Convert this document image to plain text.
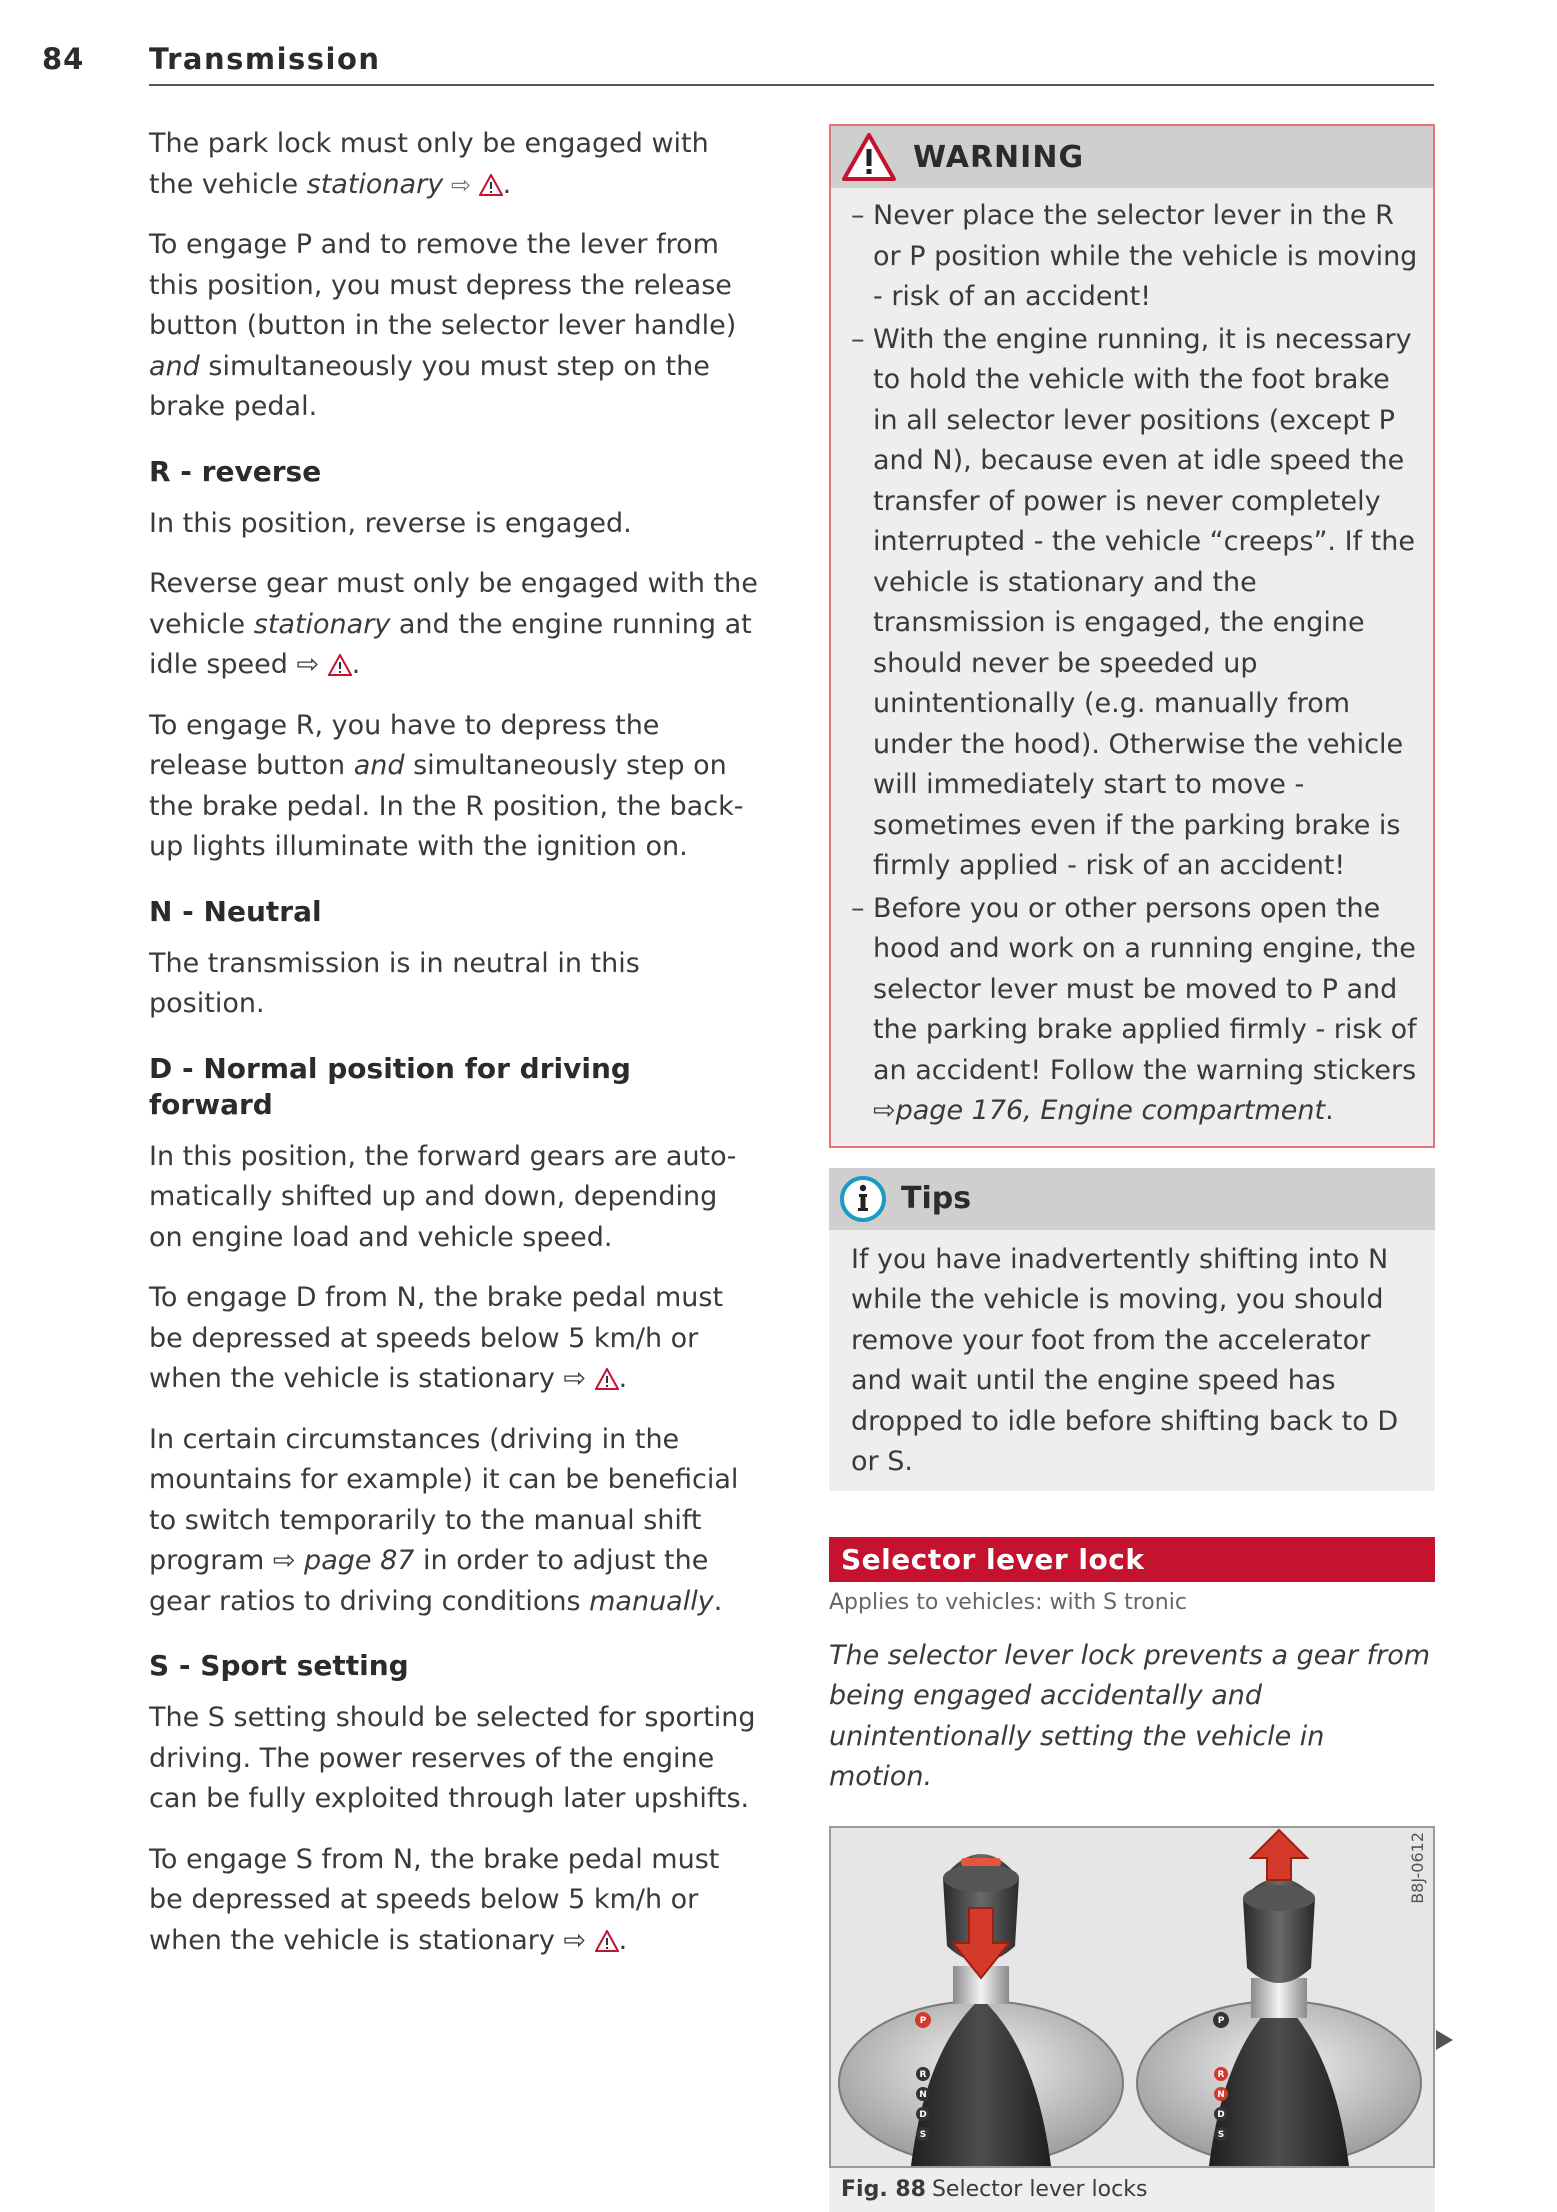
84 Transmission

The park lock must only be engaged with the vehicle stationary ⇨ .

To engage P and to remove the lever from this position, you must depress the release button (button in the selector lever handle) and simultaneously you must step on the brake pedal.

R - reverse

In this position, reverse is engaged.

Reverse gear must only be engaged with the vehicle stationary and the engine running at idle speed ⇨ .

To engage R, you have to depress the release button and simultaneously step on the brake pedal. In the R position, the back-up lights illuminate with the ignition on.

N - Neutral

The transmission is in neutral in this position.

D - Normal position for driving forward

In this position, the forward gears are automatically shifted up and down, depending on engine load and vehicle speed.

To engage D from N, the brake pedal must be depressed at speeds below 5 km/h or when the vehicle is stationary ⇨ .

In certain circumstances (driving in the mountains for example) it can be beneficial to switch temporarily to the manual shift program ⇨ page 87 in order to adjust the gear ratios to driving conditions manually.

S - Sport setting

The S setting should be selected for sporting driving. The power reserves of the engine can be fully exploited through later upshifts.

To engage S from N, the brake pedal must be depressed at speeds below 5 km/h or when the vehicle is stationary ⇨ .

WARNING
– Never place the selector lever in the R or P position while the vehicle is moving - risk of an accident!
– With the engine running, it is necessary to hold the vehicle with the foot brake in all selector lever positions (except P and N), because even at idle speed the transfer of power is never completely interrupted - the vehicle “creeps”. If the vehicle is stationary and the transmission is engaged, the engine should never be speeded up unintentionally (e.g. manually from under the hood). Otherwise the vehicle will immediately start to move - sometimes even if the parking brake is firmly applied - risk of an accident!
– Before you or other persons open the hood and work on a running engine, the selector lever must be moved to P and the parking brake applied firmly - risk of an accident! Follow the warning stickers ⇨page 176, Engine compartment.
Tips

If you have inadvertently shifting into N while the vehicle is moving, you should remove your foot from the accelerator and wait until the engine speed has dropped to idle before shifting back to D or S.

Selector lever lock

Applies to vehicles: with S tronic

The selector lever lock prevents a gear from being engaged accidentally and unintentionally setting the vehicle in motion.

P
R
N
D
S
P
R
N
D
S
B8J-0612
Fig. 88 Selector lever locks
